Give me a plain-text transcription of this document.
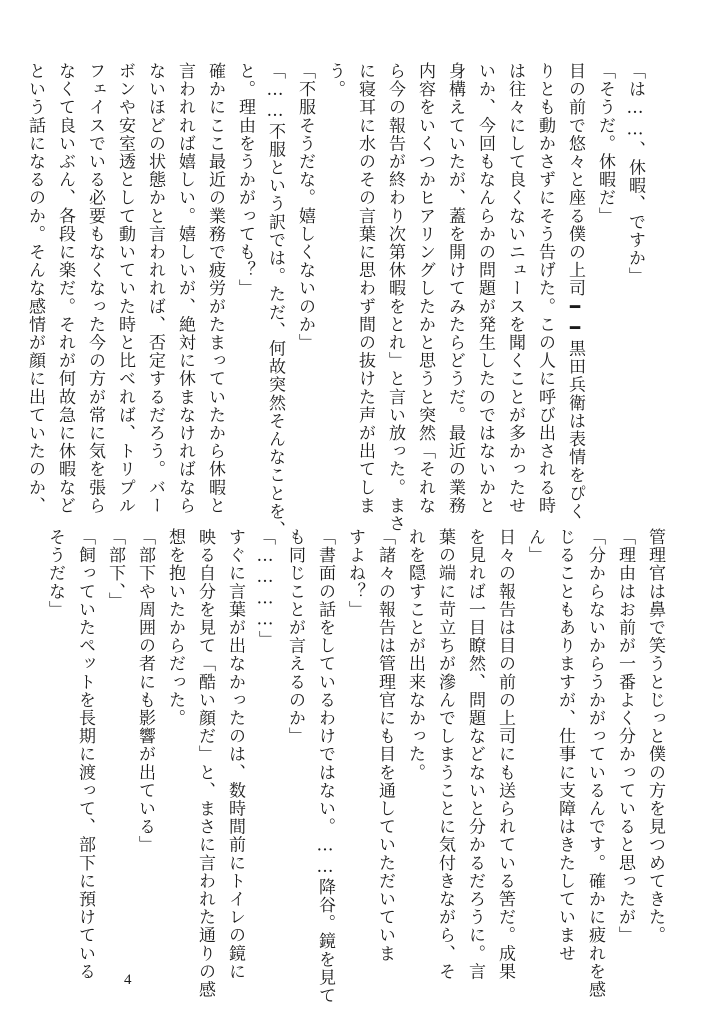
「は……、休暇、ですか」
「そうだ。休暇だ」
目の前で悠々と座る僕の上司━━黒田兵衛は表情をぴく
りとも動かさずにそう告げた。この人に呼び出される時
は往々にして良くないニュースを聞くことが多かったせ
いか、今回もなんらかの問題が発生したのではないかと
身構えていたが、蓋を開けてみたらどうだ。最近の業務
内容をいくつかヒアリングしたかと思うと突然「それな
ら今の報告が終わり次第休暇をとれ」と言い放った。まさ
に寝耳に水のその言葉に思わず間の抜けた声が出てしま
う。
「不服そうだな。嬉しくないのか」
「……不服という訳では。ただ、何故突然そんなことを、
と。理由をうかがっても？」
確かにここ最近の業務で疲労がたまっていたから休暇と
言われれば嬉しい。嬉しいが、絶対に休まなければなら
ないほどの状態かと言われれば、否定するだろう。バー
ボンや安室透として動いていた時と比べれば、トリプル
フェイスでいる必要もなくなった今の方が常に気を張ら
なくて良いぶん、各段に楽だ。それが何故急に休暇など
という話になるのか。そんな感情が顔に出ていたのか、
管理官は鼻で笑うとじっと僕の方を見つめてきた。
「理由はお前が一番よく分かっていると思ったが」
「分からないからうかがっているんです。確かに疲れを感
じることもありますが、仕事に支障はきたしていませ
ん」
日々の報告は目の前の上司にも送られている筈だ。成果
を見れば一目瞭然、問題などないと分かるだろうに。言
葉の端に苛立ちが滲んでしまうことに気付きながら、そ
れを隠すことが出来なかった。
「諸々の報告は管理官にも目を通していただいていま
すよね？」
「書面の話をしているわけではない。……降谷。鏡を見て
も同じことが言えるのか」
「…………」
すぐに言葉が出なかったのは、数時間前にトイレの鏡に
映る自分を見て「酷い顔だ」と、まさに言われた通りの感
想を抱いたからだった。
「部下や周囲の者にも影響が出ている」
「部下、」
「飼っていたペットを長期に渡って、部下に預けている
そうだな」
4
